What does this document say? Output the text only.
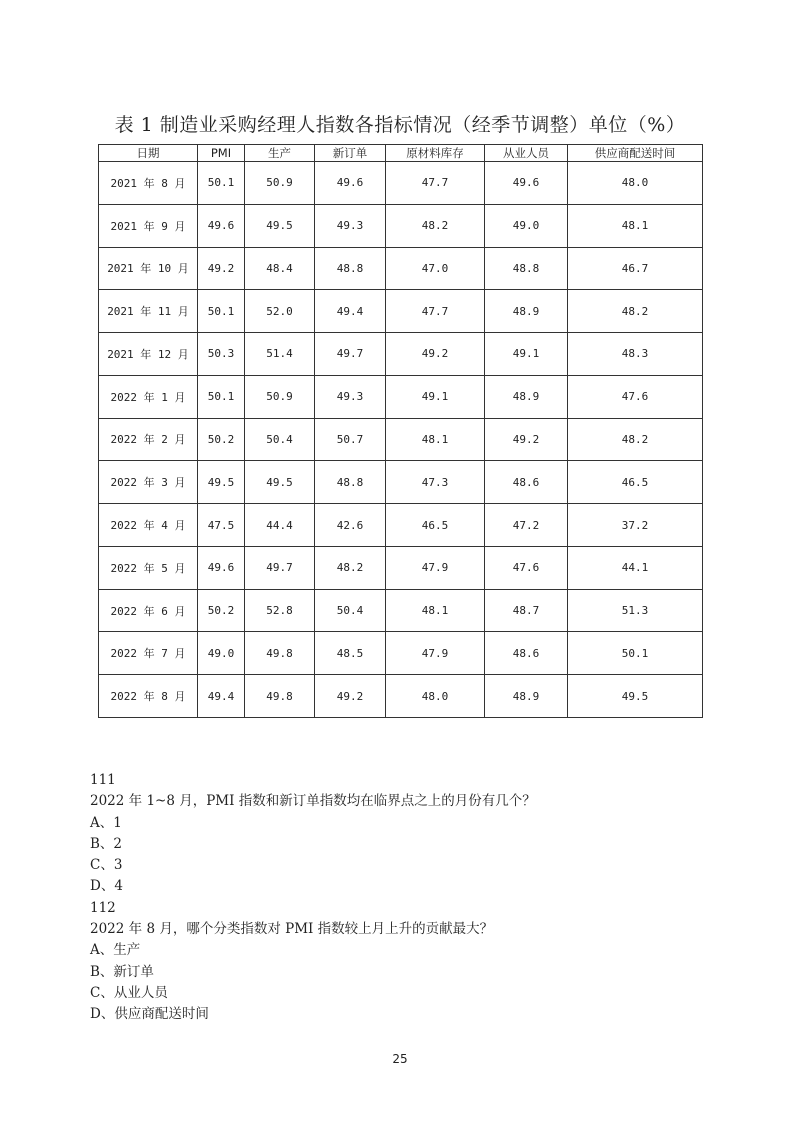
表 1 制造业采购经理人指数各指标情况（经季节调整）单位（%）
日期	PMI	生产	新订单	原材料库存	从业人员	供应商配送时间
2021 年 8 月	50.1	50.9	49.6	47.7	49.6	48.0
2021 年 9 月	49.6	49.5	49.3	48.2	49.0	48.1
2021 年 10 月	49.2	48.4	48.8	47.0	48.8	46.7
2021 年 11 月	50.1	52.0	49.4	47.7	48.9	48.2
2021 年 12 月	50.3	51.4	49.7	49.2	49.1	48.3
2022 年 1 月	50.1	50.9	49.3	49.1	48.9	47.6
2022 年 2 月	50.2	50.4	50.7	48.1	49.2	48.2
2022 年 3 月	49.5	49.5	48.8	47.3	48.6	46.5
2022 年 4 月	47.5	44.4	42.6	46.5	47.2	37.2
2022 年 5 月	49.6	49.7	48.2	47.9	47.6	44.1
2022 年 6 月	50.2	52.8	50.4	48.1	48.7	51.3
2022 年 7 月	49.0	49.8	48.5	47.9	48.6	50.1
2022 年 8 月	49.4	49.8	49.2	48.0	48.9	49.5
111
2022 年 1~8 月，PMI 指数和新订单指数均在临界点之上的月份有几个？
A、1
B、2
C、3
D、4
112
2022 年 8 月，哪个分类指数对 PMI 指数较上月上升的贡献最大？
A、生产
B、新订单
C、从业人员
D、供应商配送时间
25
